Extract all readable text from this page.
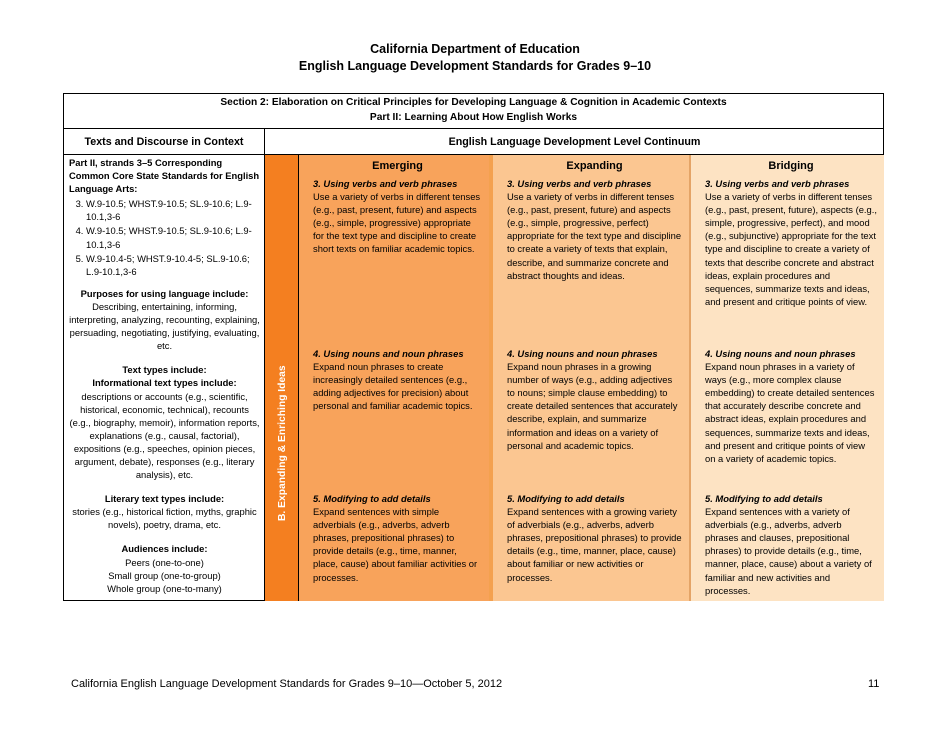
California Department of Education
English Language Development Standards for Grades 9–10
Section 2: Elaboration on Critical Principles for Developing Language & Cognition in Academic Contexts
Part II: Learning About How English Works
Texts and Discourse in Context	English Language Development Level Continuum

Part II, strands 3–5 Corresponding Common Core State Standards for English Language Arts:

3. W.9-10.5; WHST.9-10.5; SL.9-10.6; L.9-10.1,3-6
4. W.9-10.5; WHST.9-10.5; SL.9-10.6; L.9-10.1,3-6
5. W.9-10.4-5; WHST.9-10.4-5; SL.9-10.6; L.9-10.1,3-6

Purposes for using language include:

Describing, entertaining, informing, interpreting, analyzing, recounting, explaining, persuading, negotiating, justifying, evaluating, etc.

Text types include:

Informational text types include:

descriptions or accounts (e.g., scientific, historical, economic, technical), recounts (e.g., biography, memoir), information reports, explanations (e.g., causal, factorial), expositions (e.g., speeches, opinion pieces, argument, debate), responses (e.g., literary analysis), etc.

Literary text types include:

stories (e.g., historical fiction, myths, graphic novels), poetry, drama, etc.

Audiences include:

Peers (one-to-one)

Small group (one-to-group)

Whole group (one-to-many)

B. Expanding & Enriching Ideas
Emerging
3. Using verbs and verb phrases
Use a variety of verbs in different tenses (e.g., past, present, future) and aspects (e.g., simple, progressive) appropriate for the text type and discipline to create short texts on familiar academic topics.
4. Using nouns and noun phrases
Expand noun phrases to create increasingly detailed sentences (e.g., adding adjectives for precision) about personal and familiar academic topics.
5. Modifying to add details
Expand sentences with simple adverbials (e.g., adverbs, adverb phrases, prepositional phrases) to provide details (e.g., time, manner, place, cause) about familiar activities or processes.
Expanding
3. Using verbs and verb phrases
Use a variety of verbs in different tenses (e.g., past, present, future) and aspects (e.g., simple, progressive, perfect) appropriate for the text type and discipline to create a variety of texts that explain, describe, and summarize concrete and abstract thoughts and ideas.
4. Using nouns and noun phrases
Expand noun phrases in a growing number of ways (e.g., adding adjectives to nouns; simple clause embedding) to create detailed sentences that accurately describe, explain, and summarize information and ideas on a variety of personal and academic topics.
5. Modifying to add details
Expand sentences with a growing variety of adverbials (e.g., adverbs, adverb phrases, prepositional phrases) to provide details (e.g., time, manner, place, cause) about familiar or new activities or processes.
Bridging
3. Using verbs and verb phrases
Use a variety of verbs in different tenses (e.g., past, present, future), aspects (e.g., simple, progressive, perfect), and mood (e.g., subjunctive) appropriate for the text type and discipline to create a variety of texts that describe concrete and abstract ideas, explain procedures and sequences, summarize texts and ideas, and present and critique points of view.
4. Using nouns and noun phrases
Expand noun phrases in a variety of ways (e.g., more complex clause embedding) to create detailed sentences that accurately describe concrete and abstract ideas, explain procedures and sequences, summarize texts and ideas, and present and critique points of view on a variety of academic topics.
5. Modifying to add details
Expand sentences with a variety of adverbials (e.g., adverbs, adverb phrases and clauses, prepositional phrases) to provide details (e.g., time, manner, place, cause) about a variety of familiar and new activities and processes.
California English Language Development Standards for Grades 9–10—October 5, 2012	11
